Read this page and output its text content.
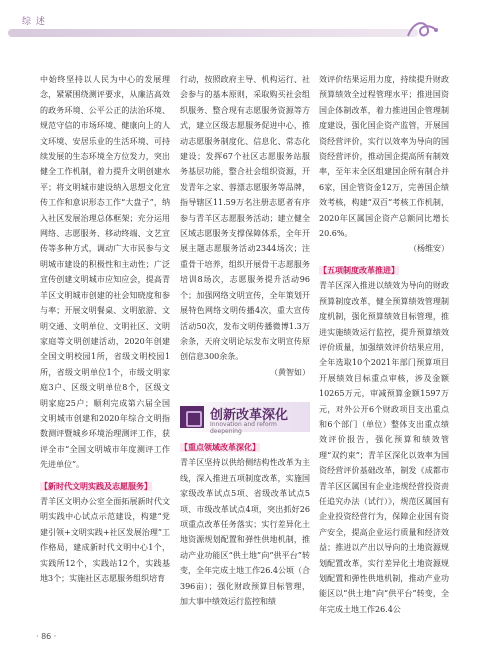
综 述

中始终坚持以人民为中心的发展理念，紧紧围绕测评要求，从廉洁高效的政务环境、公平公正的法治环境、规范守信的市场环境、健康向上的人文环境、安居乐业的生活环境、可持续发展的生态环境全方位发力，突出健全工作机制，着力提升文明创建水平；将文明城市建设纳入思想文化宣传工作和意识形态工作“大盘子”，纳入社区发展治理总体框架；充分运用网络、志愿服务、移动终端、文艺宣传等多种方式，调动广大市民参与文明城市建设的积极性和主动性；广泛宣传创建文明城市应知应会，提高青羊区文明城市创建的社会知晓度和参与率；开展文明餐桌、文明旅游、文明交通、文明单位、文明社区、文明家庭等文明创建活动，2020年创建全国文明校园1所，省级文明校园1所，省级文明单位1个，市级文明家庭3户、区级文明单位8个，区级文明家庭25户；顺利完成第六届全国文明城市创建和2020年综合文明指数测评暨城乡环境治理测评工作，获评全市“全国文明城市年度测评工作先进单位”。

【新时代文明实践及志愿服务】

青羊区文明办公室全面拓展新时代文明实践中心试点示范建设，构建“党建引领+文明实践+社区发展治理”工作格局，建成新时代文明中心1个，实践所12个，实践站12个，实践基地3个；实施社区志愿服务组织培育

行动，按照政府主导、机构运行、社会参与的基本原则，采取购买社会组织服务、整合现有志愿服务资源等方式，建立区级志愿服务促进中心，推动志愿服务制度化、信息化、常态化建设；发挥67个社区志愿服务站服务基层功能，整合社会组织资源，开发青年之家、蓉漂志愿服务等品牌，指导辖区11.59万名注册志愿者有序参与青羊区志愿服务活动；建立健全区域志愿服务支撑保障体系，全年开展主题志愿服务活动2344场次；注重骨干培养，组织开展骨干志愿服务培训8场次，志愿服务提升活动96个；加强网络文明宣传，全年策划开展特色网络文明传播4次，重大宣传活动50次，发布文明传播微博1.3万余条，天府文明论坛发布文明宣传原创信息300余条。

（黄智如）

创新改革深化
Innovation and reform deepening
【重点领域改革深化】

青羊区坚持以供给侧结构性改革为主线，深入推进五项制度改革，实施国家级改革试点5项、省级改革试点5项、市级改革试点4项，突出抓好26项重点改革任务落实；实行差异化土地资源规划配置和弹性供地机制，推动产业功能区“供土地”向“供平台”转变，全年完成土地工作26.4公顷（合396亩）；强化财政预算目标管理，加大事中绩效运行监控和绩

效评价结果运用力度，持续提升财政预算绩效全过程管理水平；推进国资国企体制改革，着力推进国企管理制度建设，强化国企资产监管，开展国资经营评价，实行以效率为导向的国资经营评价，推动国企提高所有制效率，至年末全区组建国企所有制合并6家，国企管资金12万，完善国企绩效考核，构建“双百”考核工作机制，2020年区属国企资产总额同比增长20.6%。

（杨维安）

【五项制度改革推进】

青羊区深入推进以绩效为导向的财政预算制度改革，健全预算绩效管理制度机制，强化预算绩效目标管理，推进实施绩效运行监控，提升预算绩效评价质量，加强绩效评价结果应用，全年选取10个2021年部门预算项目开展绩效目标重点审核，涉及金额10265万元，审减预算金额1597万元，对外公开6个财政项目支出重点和6个部门（单位）整体支出重点绩效评价报告，强化预算和绩效管理“双约束”；青羊区深化以效率为国资经营评价基础改革，制发《成都市青羊区区属国有企业违规经营投资责任追究办法（试行）》，规范区属国有企业投资经营行为，保障企业国有资产安全，提高企业运行质量和经济效益；推进以产出以导向的土地资源规划配置改革，实行差异化土地资源规划配置和弹性供地机制，推动产业功能区以“供土地”向“供平台”转变，全年完成土地工作26.4公

· 86 ·
